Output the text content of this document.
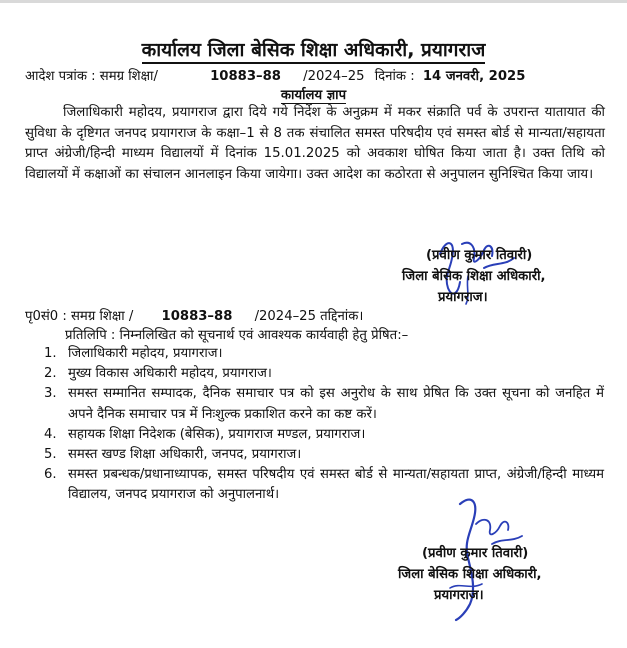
कार्यालय जिला बेसिक शिक्षा अधिकारी, प्रयागराज
आदेश पत्रांक : समग्र शिक्षा/	10883–88 /2024–25 दिनांक : 14 जनवरी, 2025
कार्यालय ज्ञाप

जिलाधिकारी महोदय, प्रयागराज द्वारा दिये गये निर्देश के अनुक्रम में मकर संक्राति पर्व के उपरान्त यातायात की सुविधा के दृष्टिगत जनपद प्रयागराज के कक्षा–1 से 8 तक संचालित समस्त परिषदीय एवं समस्त बोर्ड से मान्यता/सहायता प्राप्त अंग्रेजी/हिन्दी माध्यम विद्यालयों में दिनांक 15.01.2025 को अवकाश घोषित किया जाता है। उक्त तिथि को विद्यालयों में कक्षाओं का संचालन आनलाइन किया जायेगा। उक्त आदेश का कठोरता से अनुपालन सुनिश्चित किया जाय।

(प्रवीण कुमार तिवारी)
जिला बेसिक शिक्षा अधिकारी,
प्रयागराज।
पृ0सं0 : समग्र शिक्षा / 10883–88 /2024–25 तद्दिनांक।
प्रतिलिपि : निम्नलिखित को सूचनार्थ एवं आवश्यक कार्यवाही हेतु प्रेषित:–
1. जिलाधिकारी महोदय, प्रयागराज।
2. मुख्य विकास अधिकारी महोदय, प्रयागराज।
3. समस्त सम्मानित सम्पादक, दैनिक समाचार पत्र को इस अनुरोध के साथ प्रेषित कि उक्त सूचना को जनहित में अपने दैनिक समाचार पत्र में निःशुल्क प्रकाशित करने का कष्ट करें।
4. सहायक शिक्षा निदेशक (बेसिक), प्रयागराज मण्डल, प्रयागराज।
5. समस्त खण्ड शिक्षा अधिकारी, जनपद, प्रयागराज।
6. समस्त प्रबन्धक/प्रधानाध्यापक, समस्त परिषदीय एवं समस्त बोर्ड से मान्यता/सहायता प्राप्त, अंग्रेजी/हिन्दी माध्यम विद्यालय, जनपद प्रयागराज को अनुपालनार्थ।
(प्रवीण कुमार तिवारी)
जिला बेसिक शिक्षा अधिकारी,
प्रयागराज।
